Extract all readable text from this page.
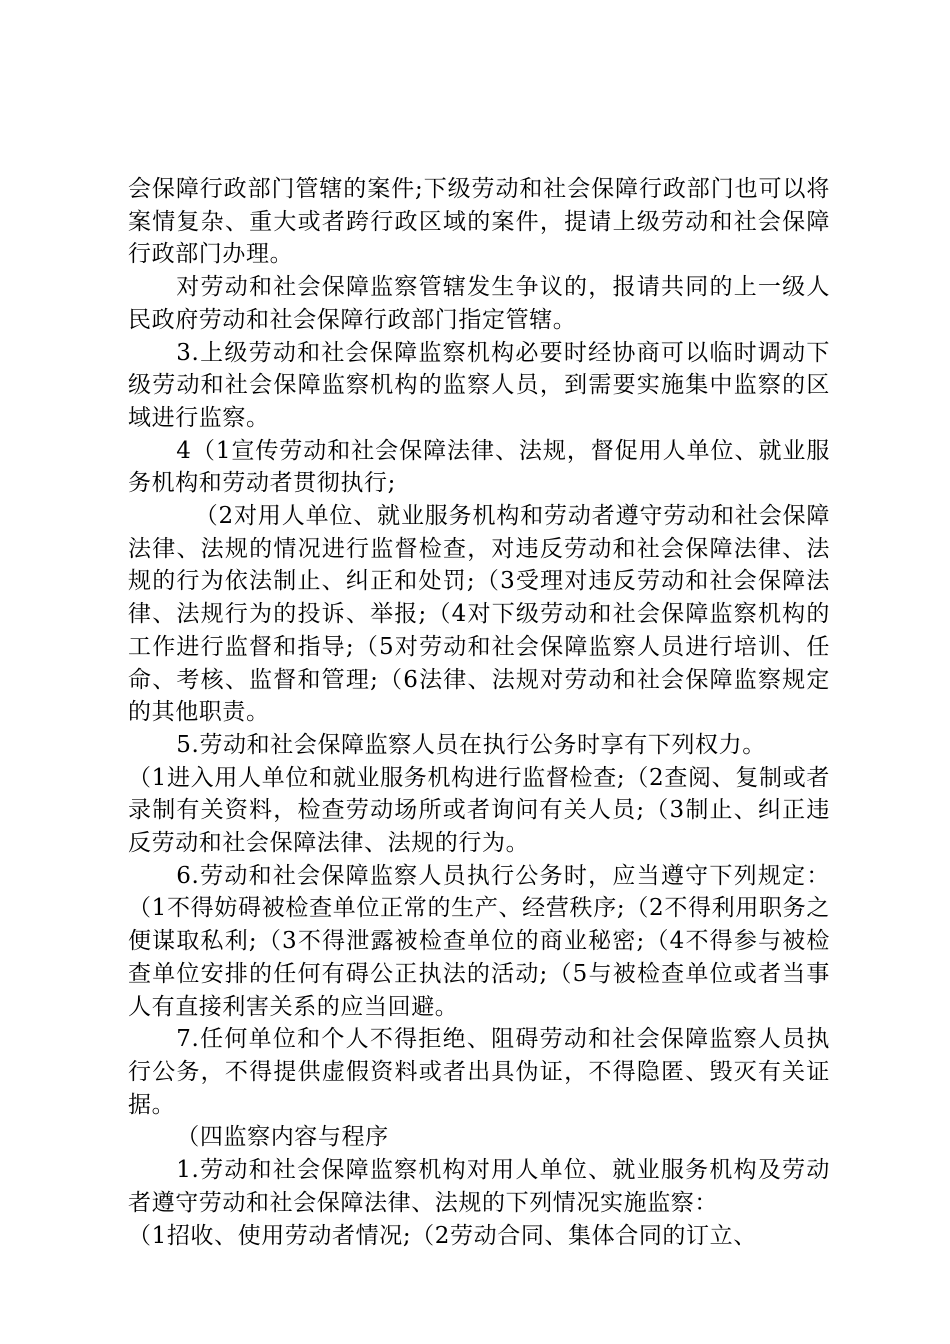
会保障行政部门管辖的案件;下级劳动和社会保障行政部门也可以将案情复杂、重大或者跨行政区域的案件，提请上级劳动和社会保障行政部门办理。

对劳动和社会保障监察管辖发生争议的，报请共同的上一级人民政府劳动和社会保障行政部门指定管辖。

3.上级劳动和社会保障监察机构必要时经协商可以临时调动下级劳动和社会保障监察机构的监察人员，到需要实施集中监察的区域进行监察。

4（1宣传劳动和社会保障法律、法规，督促用人单位、就业服务机构和劳动者贯彻执行;

（2对用人单位、就业服务机构和劳动者遵守劳动和社会保障法律、法规的情况进行监督检查，对违反劳动和社会保障法律、法规的行为依法制止、纠正和处罚;（3受理对违反劳动和社会保障法律、法规行为的投诉、举报;（4对下级劳动和社会保障监察机构的工作进行监督和指导;（5对劳动和社会保障监察人员进行培训、任命、考核、监督和管理;（6法律、法规对劳动和社会保障监察规定的其他职责。

5.劳动和社会保障监察人员在执行公务时享有下列权力。

（1进入用人单位和就业服务机构进行监督检查;（2查阅、复制或者录制有关资料，检查劳动场所或者询问有关人员;（3制止、纠正违反劳动和社会保障法律、法规的行为。

6.劳动和社会保障监察人员执行公务时，应当遵守下列规定：（1不得妨碍被检查单位正常的生产、经营秩序;（2不得利用职务之便谋取私利;（3不得泄露被检查单位的商业秘密;（4不得参与被检查单位安排的任何有碍公正执法的活动;（5与被检查单位或者当事人有直接利害关系的应当回避。

7.任何单位和个人不得拒绝、阻碍劳动和社会保障监察人员执行公务，不得提供虚假资料或者出具伪证，不得隐匿、毁灭有关证据。

（四监察内容与程序

1.劳动和社会保障监察机构对用人单位、就业服务机构及劳动者遵守劳动和社会保障法律、法规的下列情况实施监察：

（1招收、使用劳动者情况;（2劳动合同、集体合同的订立、
